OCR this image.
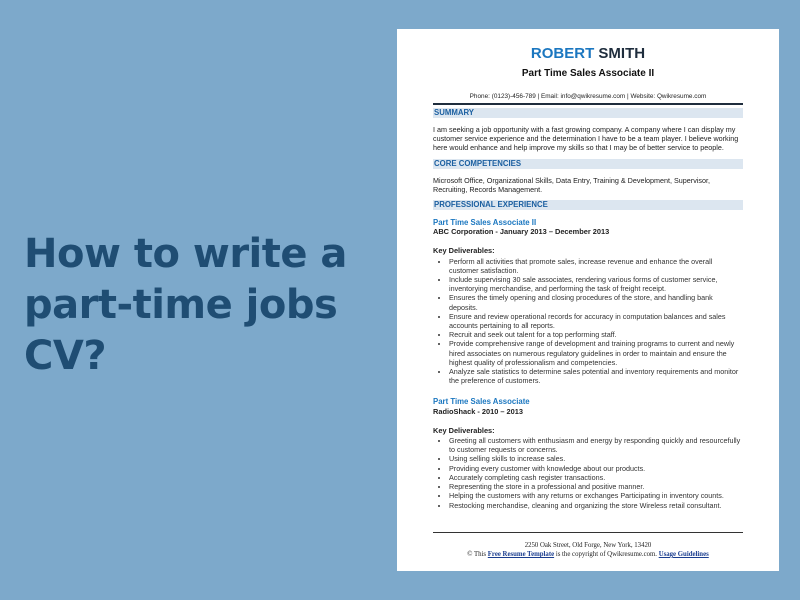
How to write a
part-time jobs
CV?
ROBERT SMITH
Part Time Sales Associate II
Phone: (0123)-456-789 | Email: info@qwikresume.com | Website: Qwikresume.com
SUMMARY
I am seeking a job opportunity with a fast growing company. A company where I can display my customer service experience and the determination I have to be a team player. I believe working here would enhance and help improve my skills so that I may be of better service to people.
CORE COMPETENCIES
Microsoft Office, Organizational Skills, Data Entry, Training & Development, Supervisor, Recruiting, Records Management.
PROFESSIONAL EXPERIENCE
Part Time Sales Associate II
ABC Corporation - January 2013 – December 2013
Key Deliverables:
• Perform all activities that promote sales, increase revenue and enhance the overall customer satisfaction.
• Include supervising 30 sale associates, rendering various forms of customer service, inventorying merchandise, and performing the task of freight receipt.
• Ensures the timely opening and closing procedures of the store, and handling bank deposits.
• Ensure and review operational records for accuracy in computation balances and sales accounts pertaining to all reports.
• Recruit and seek out talent for a top performing staff.
• Provide comprehensive range of development and training programs to current and newly hired associates on numerous regulatory guidelines in order to maintain and ensure the highest quality of professionalism and competencies.
• Analyze sale statistics to determine sales potential and inventory requirements and monitor the preference of customers.
Part Time Sales Associate
RadioShack - 2010 – 2013
Key Deliverables:
• Greeting all customers with enthusiasm and energy by responding quickly and resourcefully to customer requests or concerns.
• Using selling skills to increase sales.
• Providing every customer with knowledge about our products.
• Accurately completing cash register transactions.
• Representing the store in a professional and positive manner.
• Helping the customers with any returns or exchanges Participating in inventory counts.
• Restocking merchandise, cleaning and organizing the store Wireless retail consultant.
2250 Oak Street, Old Forge, New York, 13420
© This Free Resume Template is the copyright of Qwikresume.com. Usage Guidelines
